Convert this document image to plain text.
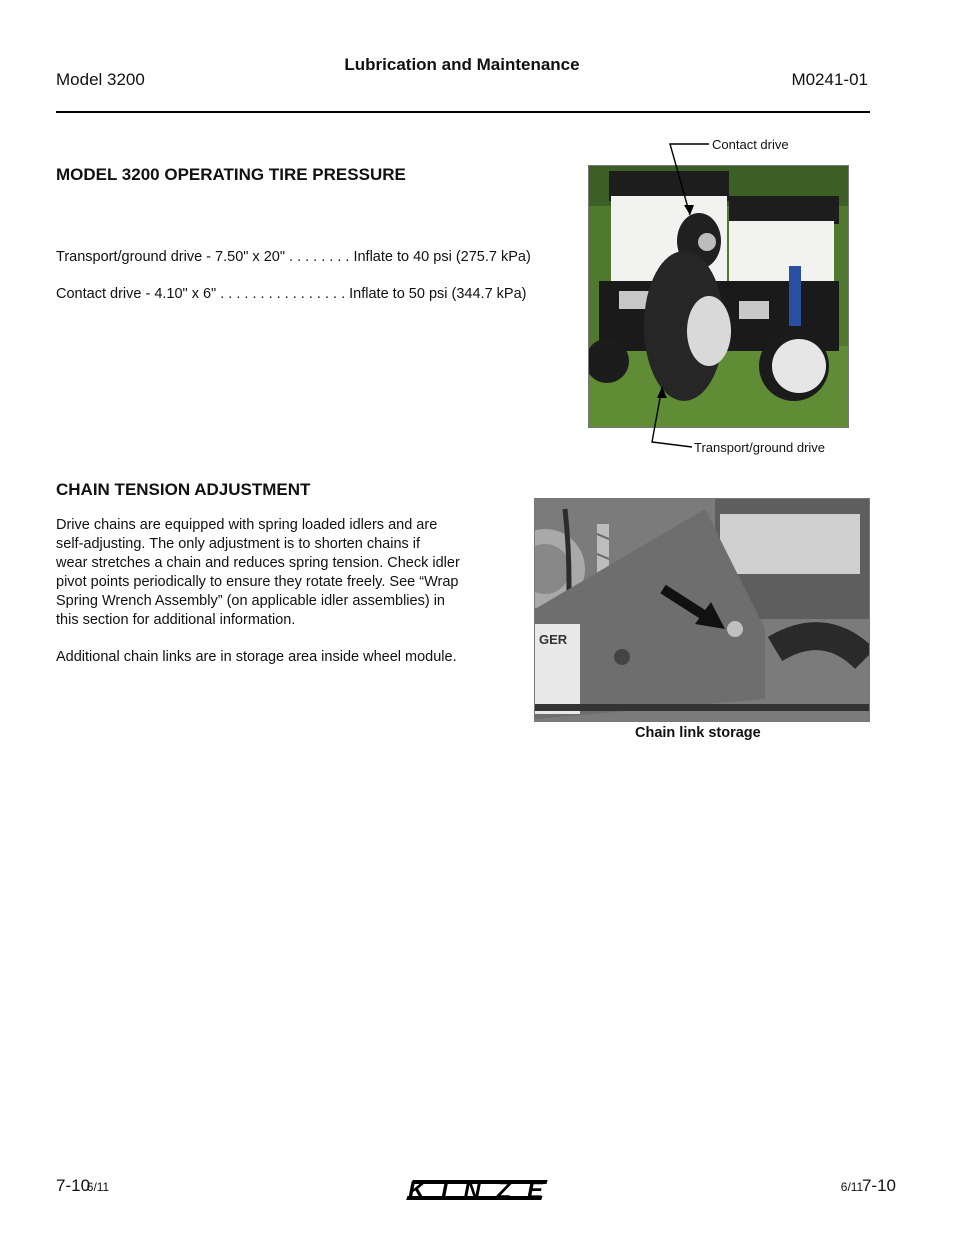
Lubrication and Maintenance
Model 3200	M0241-01
MODEL 3200 OPERATING TIRE PRESSURE
Transport/ground drive - 7.50" x 20" . . . . . . . . Inflate to 40 psi (275.7 kPa)
Contact drive - 4.10" x 6" . . . . . . . . . . . . . . . . Inflate to 50 psi (344.7 kPa)
Contact drive
Transport/ground drive
CHAIN TENSION ADJUSTMENT
Drive chains are equipped with spring loaded idlers and are
self-adjusting. The only adjustment is to shorten chains if
wear stretches a chain and reduces spring tension. Check idler
pivot points periodically to ensure they rotate freely. See “Wrap
Spring Wrench Assembly” (on applicable idler assemblies) in
this section for additional information.
Additional chain links are in storage area inside wheel module.
GER
Chain link storage
7-10 6/11	KINZE	6/11 7-10
